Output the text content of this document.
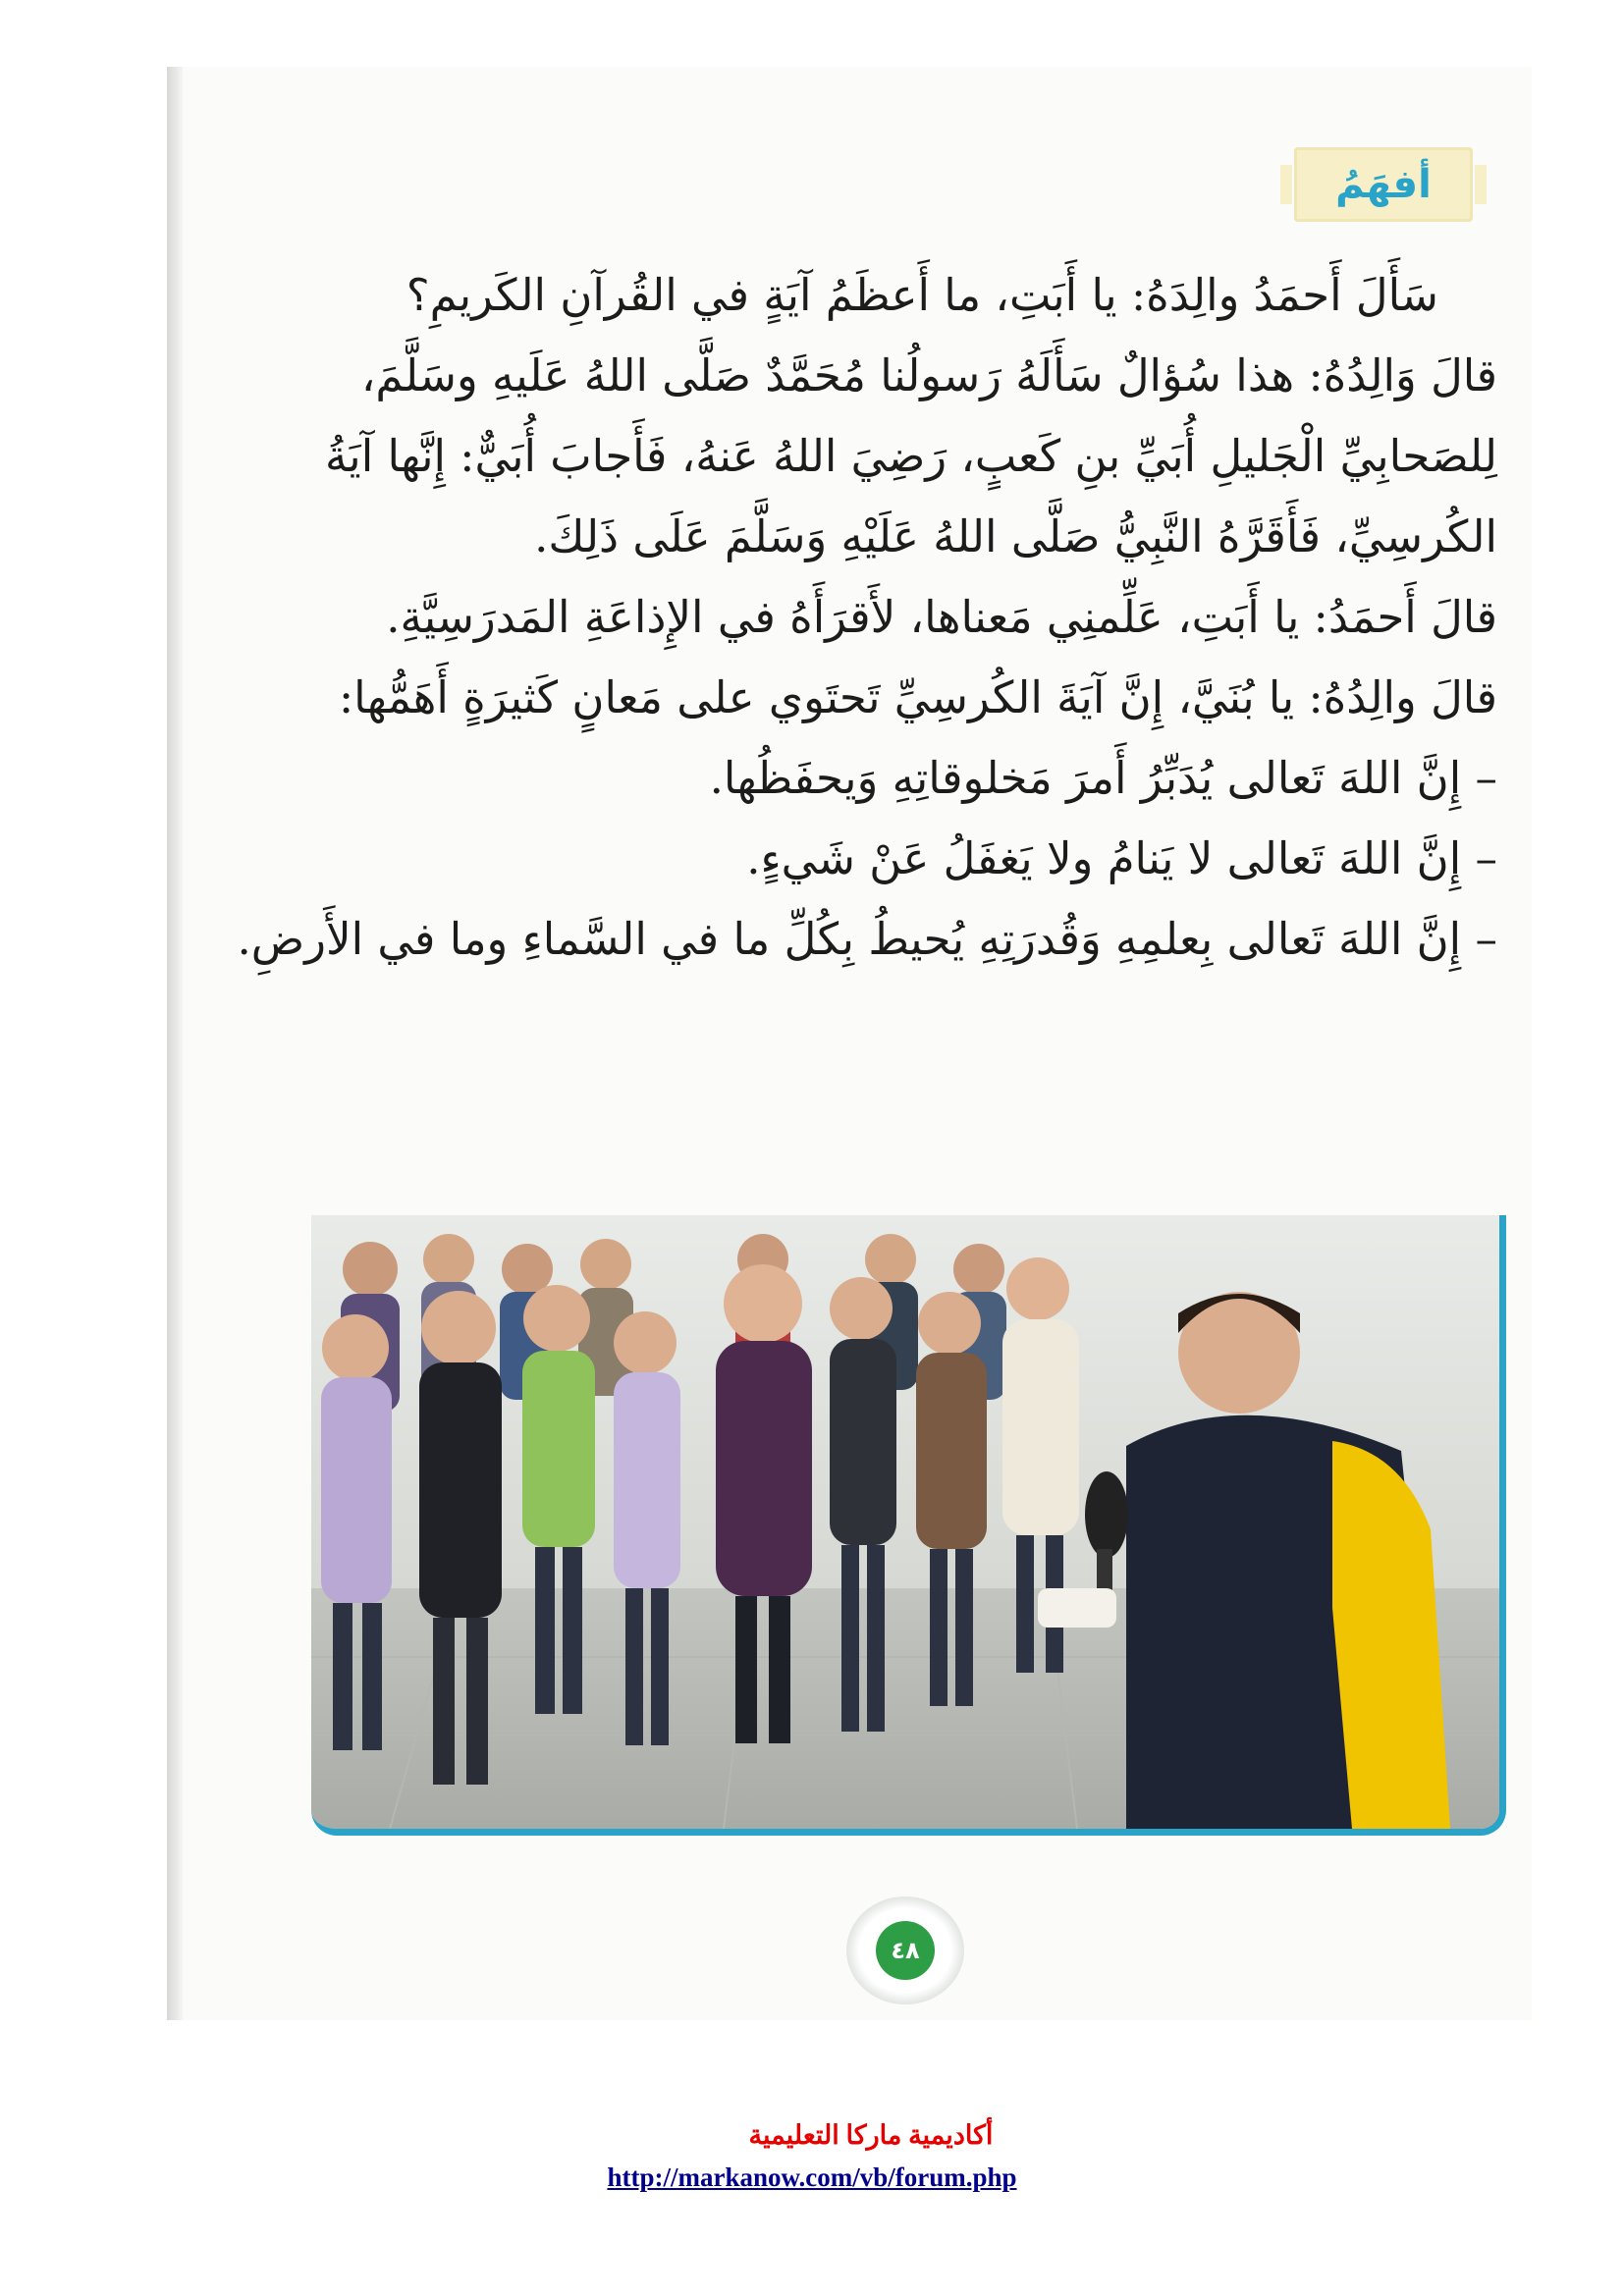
أفهَمُ

سَأَلَ أَحمَدُ والِدَهُ: يا أَبَتِ، ما أَعظَمُ آيَةٍ في القُرآنِ الكَريمِ؟

قالَ وَالِدُهُ: هذا سُؤالٌ سَأَلَهُ رَسولُنا مُحَمَّدٌ صَلَّى اللهُ عَلَيهِ وسَلَّمَ، لِلصَحابِيِّ الْجَليلِ أُبَيِّ بنِ كَعبٍ، رَضِيَ اللهُ عَنهُ، فَأَجابَ أُبَيٌّ: إِنَّها آيَةُ الكُرسِيِّ، فَأَقَرَّهُ النَّبِيُّ صَلَّى اللهُ عَلَيْهِ وَسَلَّمَ عَلَى ذَلِكَ.

قالَ أَحمَدُ: يا أَبَتِ، عَلِّمنِي مَعناها، لأَقرَأَهُ في الإِذاعَةِ المَدرَسِيَّةِ.

قالَ والِدُهُ: يا بُنَيَّ، إِنَّ آيَةَ الكُرسِيِّ تَحتَوي على مَعانٍ كَثيرَةٍ أَهَمُّها:

– إِنَّ اللهَ تَعالى يُدَبِّرُ أَمرَ مَخلوقاتِهِ وَيحفَظُها.

– إِنَّ اللهَ تَعالى لا يَنامُ ولا يَغفَلُ عَنْ شَيءٍ.

– إِنَّ اللهَ تَعالى بِعلمِهِ وَقُدرَتِهِ يُحيطُ بِكُلِّ ما في السَّماءِ وما في الأَرضِ.

٤٨
أكاديمية ماركا التعليمية
http://markanow.com/vb/forum.php
